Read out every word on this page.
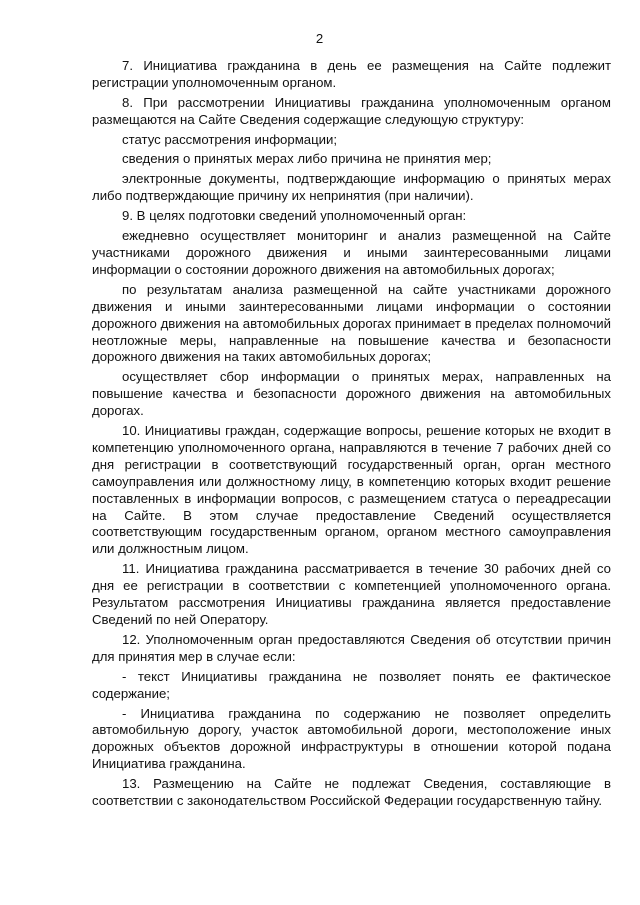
2

7. Инициатива гражданина в день ее размещения на Сайте подлежит регистрации уполномоченным органом.

8. При рассмотрении Инициативы гражданина уполномоченным органом размещаются на Сайте Сведения содержащие следующую структуру:

статус рассмотрения информации;

сведения о принятых мерах либо причина не принятия мер;

электронные документы, подтверждающие информацию о принятых мерах либо подтверждающие причину их непринятия (при наличии).

9. В целях подготовки сведений уполномоченный орган:

ежедневно осуществляет мониторинг и анализ размещенной на Сайте участниками дорожного движения и иными заинтересованными лицами информации о состоянии дорожного движения на автомобильных дорогах;

по результатам анализа размещенной на сайте участниками дорожного движения и иными заинтересованными лицами информации о состоянии дорожного движения на автомобильных дорогах принимает в пределах полномочий неотложные меры, направленные на повышение качества и безопасности дорожного движения на таких автомобильных дорогах;

осуществляет сбор информации о принятых мерах, направленных на повышение качества и безопасности дорожного движения на автомобильных дорогах.

10. Инициативы граждан, содержащие вопросы, решение которых не входит в компетенцию уполномоченного органа, направляются в течение 7 рабочих дней со дня регистрации в соответствующий государственный орган, орган местного самоуправления или должностному лицу, в компетенцию которых входит решение поставленных в информации вопросов, с размещением статуса о переадресации на Сайте. В этом случае предоставление Сведений осуществляется соответствующим государственным органом, органом местного самоуправления или должностным лицом.

11. Инициатива гражданина рассматривается в течение 30 рабочих дней со дня ее регистрации в соответствии с компетенцией уполномоченного органа. Результатом рассмотрения Инициативы гражданина является предоставление Сведений по ней Оператору.

12. Уполномоченным орган предоставляются Сведения об отсутствии причин для принятия мер в случае если:

- текст Инициативы гражданина не позволяет понять ее фактическое содержание;

- Инициатива гражданина по содержанию не позволяет определить автомобильную дорогу, участок автомобильной дороги, местоположение иных дорожных объектов дорожной инфраструктуры в отношении которой подана Инициатива гражданина.

13. Размещению на Сайте не подлежат Сведения, составляющие в соответствии с законодательством Российской Федерации государственную тайну.
